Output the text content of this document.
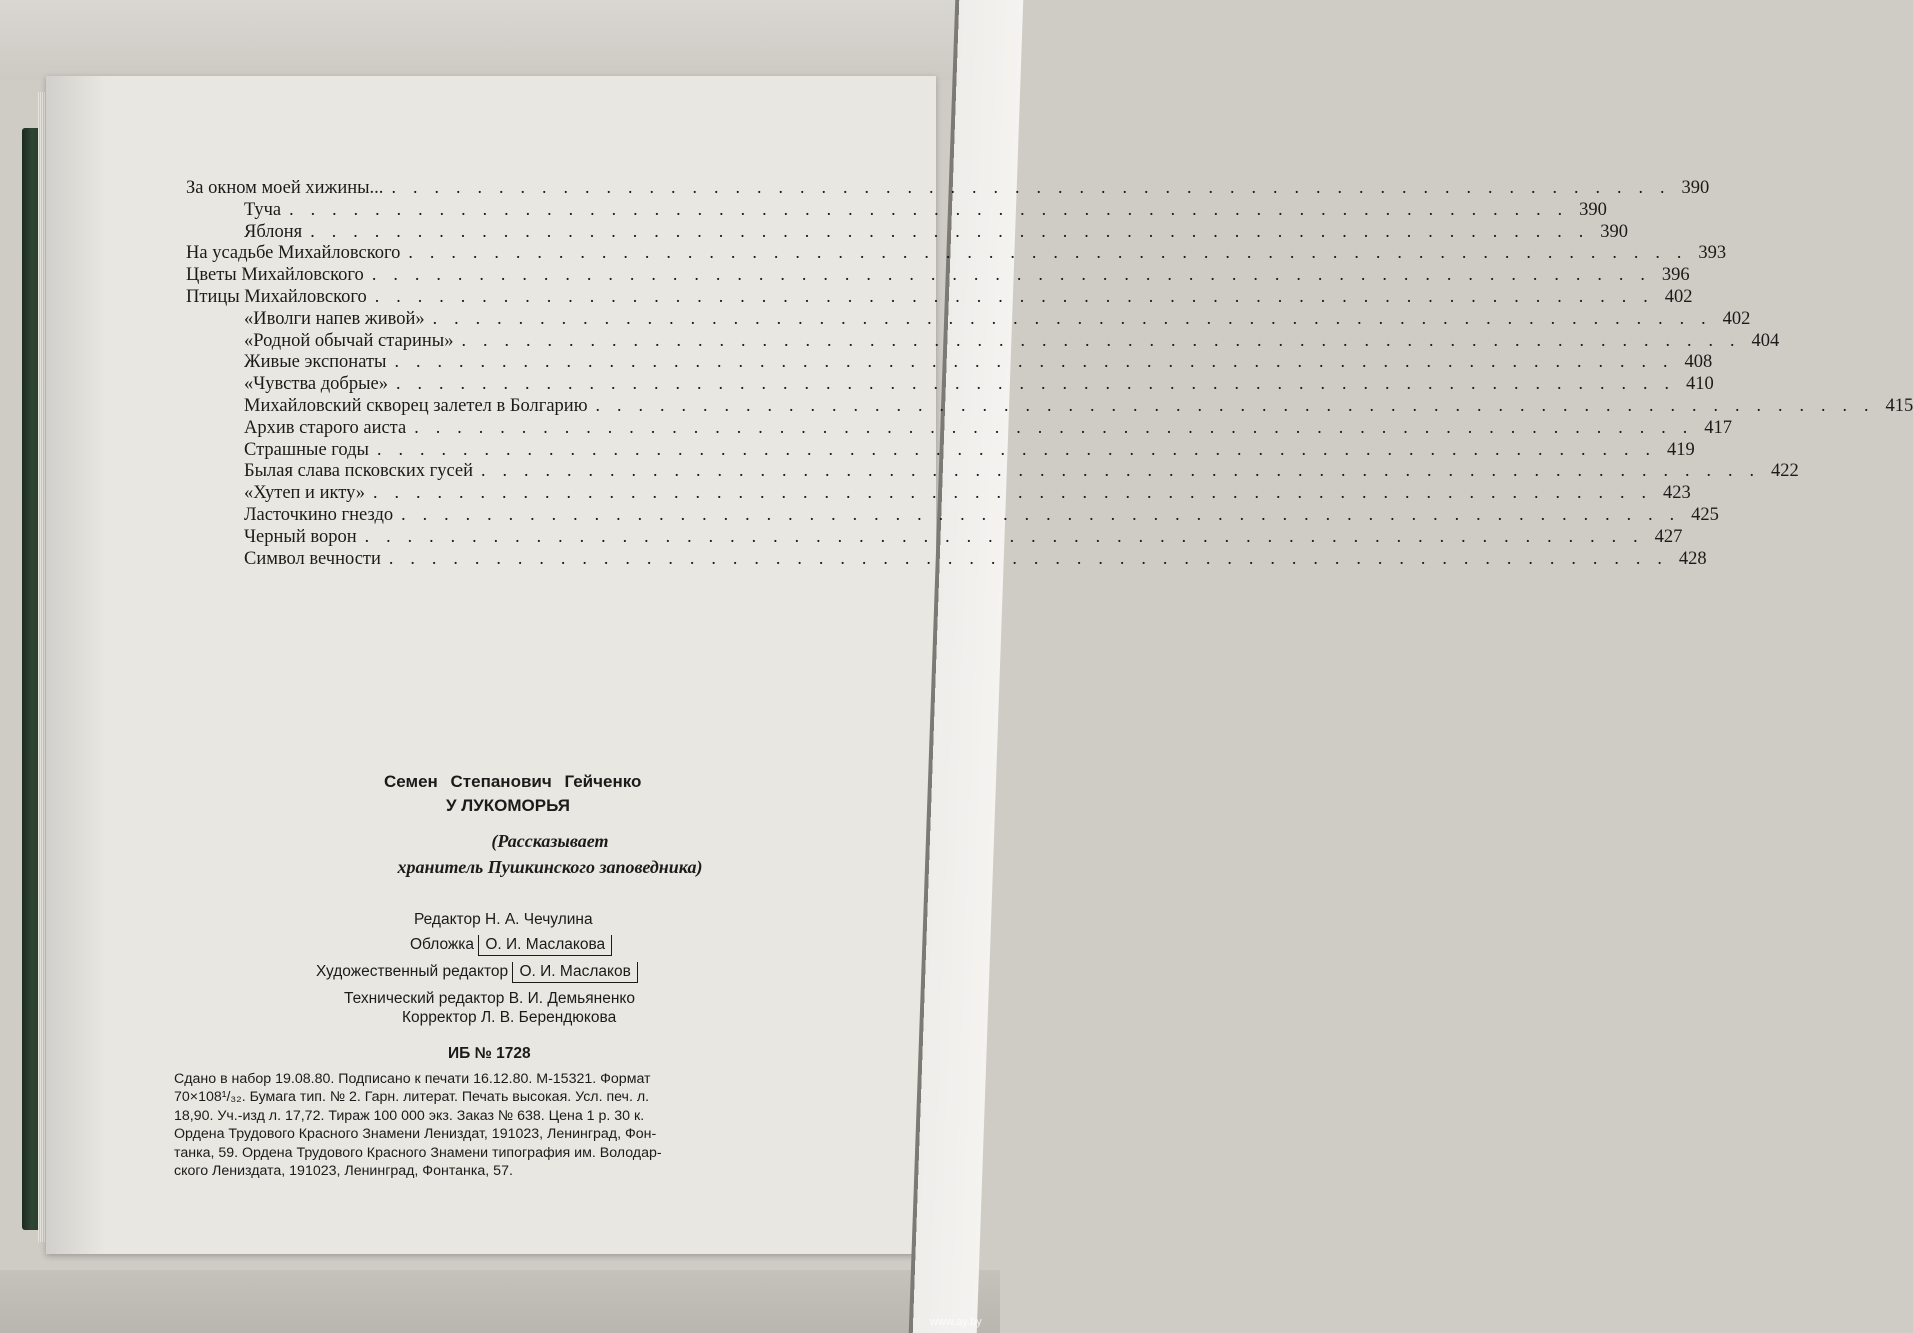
За окном моей хижины... ............................................................ 390
Туча ............................................................ 390
Яблоня ............................................................ 390
На усадьбе Михайловского ............................................................ 393
Цветы Михайловского ............................................................ 396
Птицы Михайловского ............................................................ 402
«Иволги напев живой» ............................................................ 402
«Родной обычай старины» ............................................................ 404
Живые экспонаты ............................................................ 408
«Чувства добрые» ............................................................ 410
Михайловский скворец залетел в Болгарию ............................................................ 415
Архив старого аиста ............................................................ 417
Страшные годы ............................................................ 419
Былая слава псковских гусей ............................................................ 422
«Хутеп и икту» ............................................................ 423
Ласточкино гнездо ............................................................ 425
Черный ворон ............................................................ 427
Символ вечности ............................................................ 428
Семен Степанович Гейченко
У ЛУКОМОРЬЯ
(Рассказывает
хранитель Пушкинского заповедника)
Редактор Н. А. Чечулина
Обложка О. И. Маслакова
Художественный редактор О. И. Маслаков
Технический редактор В. И. Демьяненко
Корректор Л. В. Берендюкова
ИБ № 1728
Сдано в набор 19.08.80. Подписано к печати 16.12.80. М-15321. Формат
70×108¹/₃₂. Бумага тип. № 2. Гарн. литерат. Печать высокая. Усл. печ. л.
18,90. Уч.-изд л. 17,72. Тираж 100 000 экз. Заказ № 638. Цена 1 р. 30 к.
Ордена Трудового Красного Знамени Лениздат, 191023, Ленинград, Фон-
танка, 59. Ордена Трудового Красного Знамени типография им. Володар-
ского Лениздата, 191023, Ленинград, Фонтанка, 57.
www.ay.by
